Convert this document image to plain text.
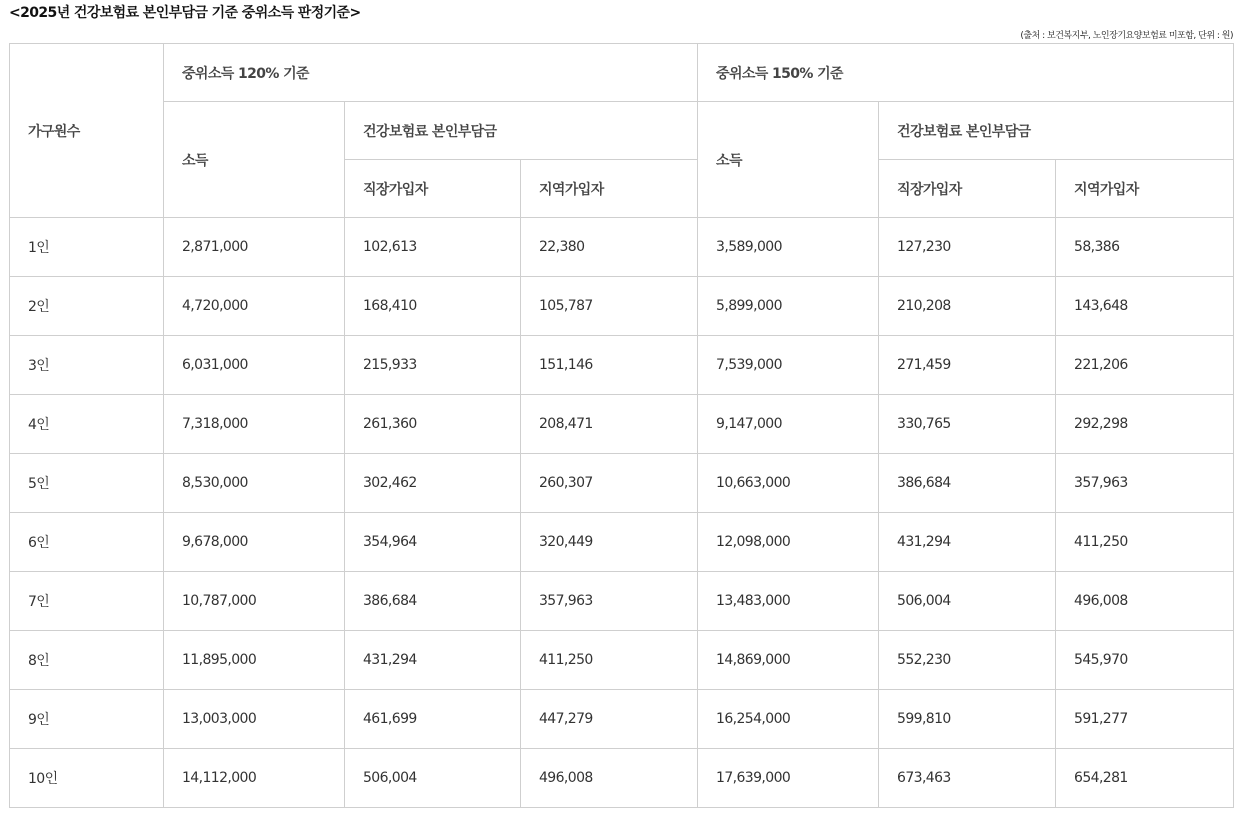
<2025년 건강보험료 본인부담금 기준 중위소득 판정기준>
(출처 : 보건복지부, 노인장기요양보험료 미포함, 단위 : 원)
가구원수	중위소득 120% 기준			중위소득 150% 기준		
	소득	건강보험료 본인부담금		소득	건강보험료 본인부담금	
		직장가입자	지역가입자		직장가입자	지역가입자
1인	2,871,000	102,613	22,380	3,589,000	127,230	58,386
2인	4,720,000	168,410	105,787	5,899,000	210,208	143,648
3인	6,031,000	215,933	151,146	7,539,000	271,459	221,206
4인	7,318,000	261,360	208,471	9,147,000	330,765	292,298
5인	8,530,000	302,462	260,307	10,663,000	386,684	357,963
6인	9,678,000	354,964	320,449	12,098,000	431,294	411,250
7인	10,787,000	386,684	357,963	13,483,000	506,004	496,008
8인	11,895,000	431,294	411,250	14,869,000	552,230	545,970
9인	13,003,000	461,699	447,279	16,254,000	599,810	591,277
10인	14,112,000	506,004	496,008	17,639,000	673,463	654,281
